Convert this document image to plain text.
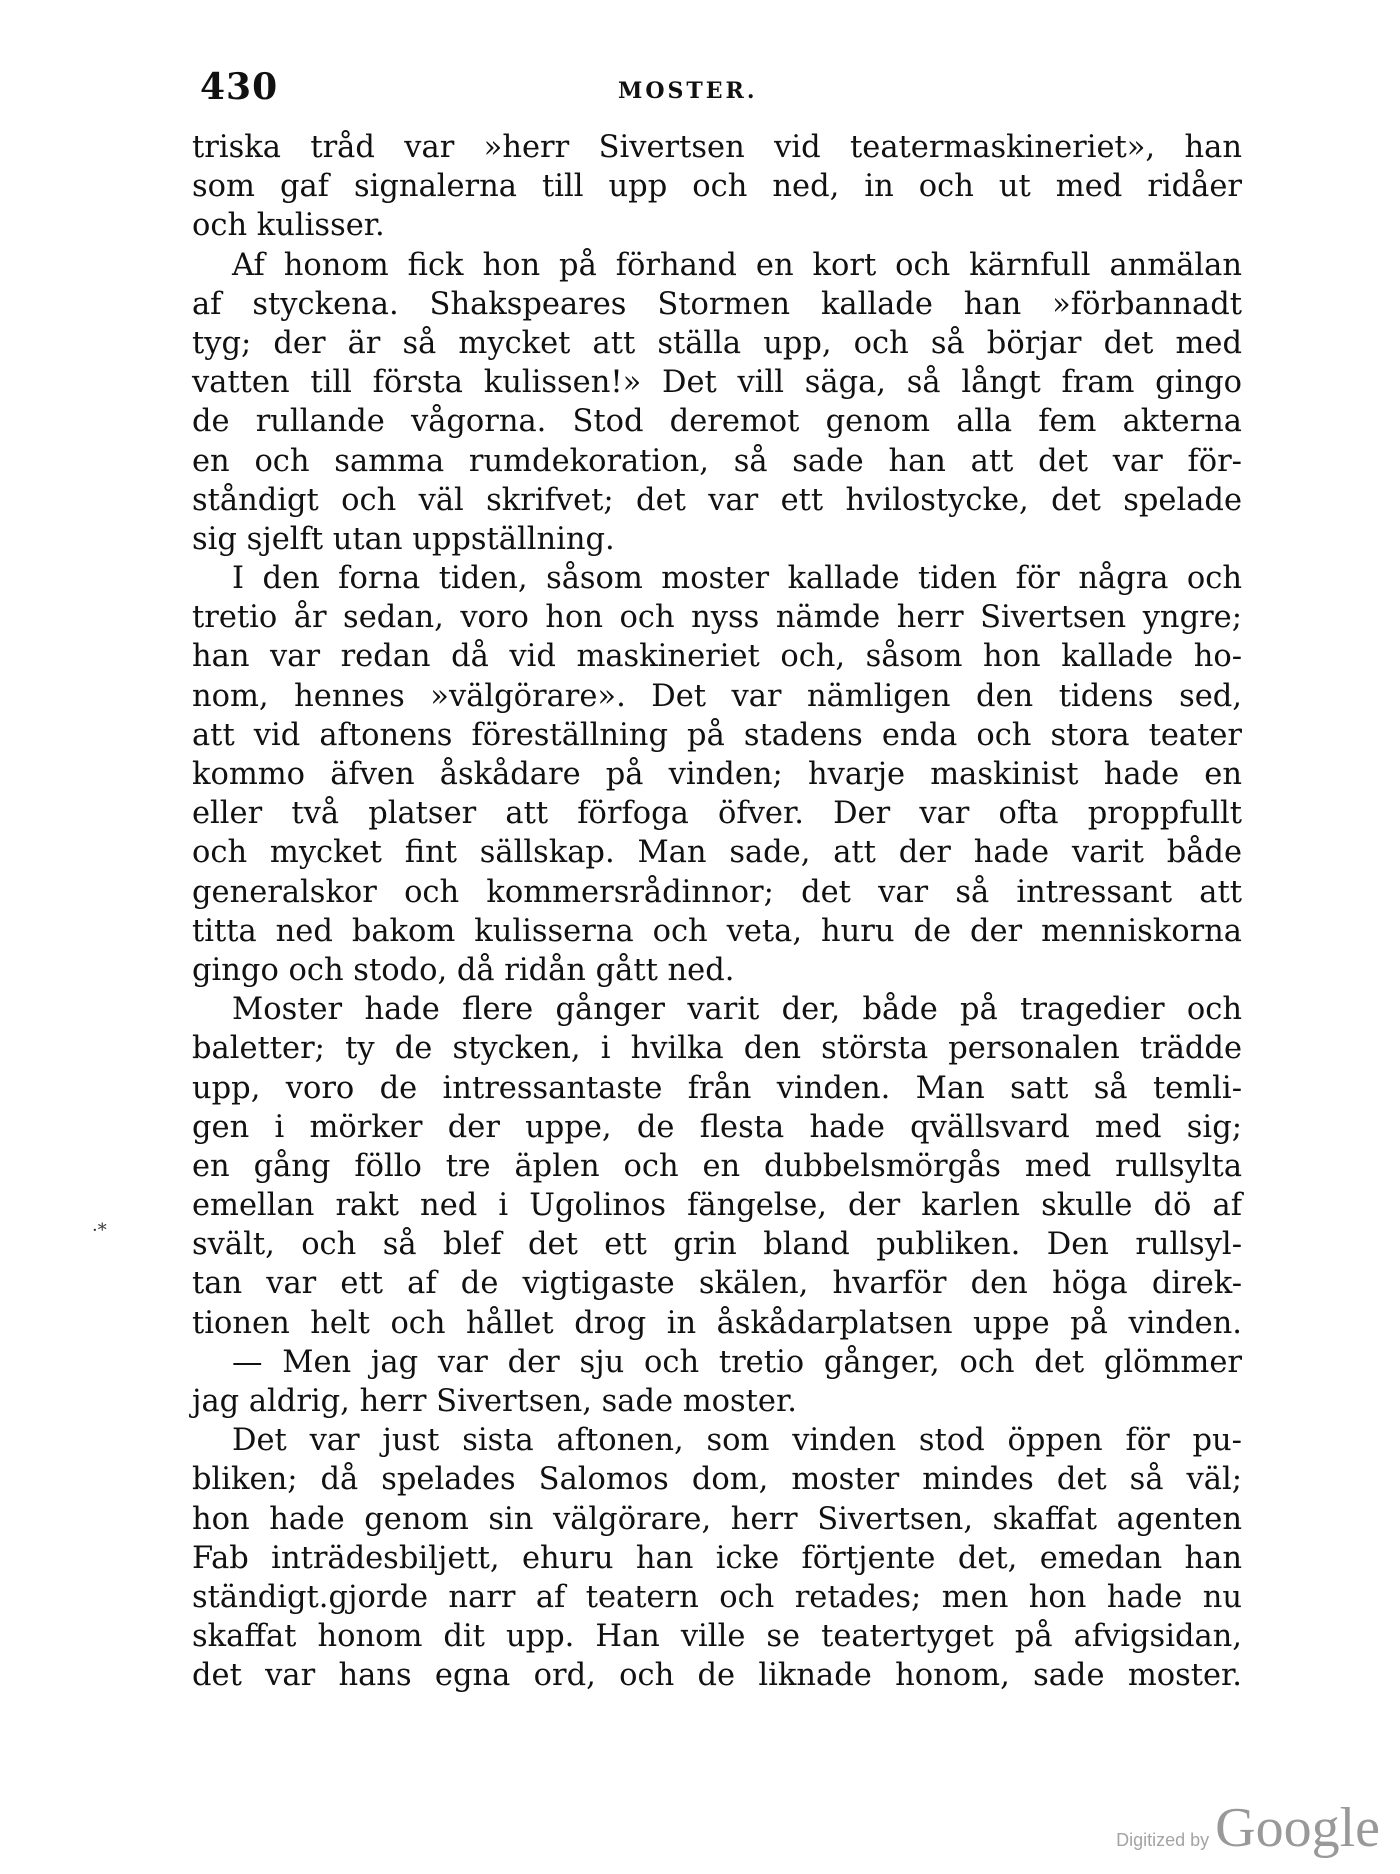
430	MOSTER.
·*
triska tråd var »herr Sivertsen vid teatermaskineriet», han
som gaf signalerna till upp och ned, in och ut med ridåer
och kulisser.
Af honom fick hon på förhand en kort och kärnfull anmälan
af styckena. Shakspeares Stormen kallade han »förbannadt
tyg; der är så mycket att ställa upp, och så börjar det med
vatten till första kulissen!» Det vill säga, så långt fram gingo
de rullande vågorna. Stod deremot genom alla fem akterna
en och samma rumdekoration, så sade han att det var för-
ståndigt och väl skrifvet; det var ett hvilostycke, det spelade
sig sjelft utan uppställning.
I den forna tiden, såsom moster kallade tiden för några och
tretio år sedan, voro hon och nyss nämde herr Sivertsen yngre;
han var redan då vid maskineriet och, såsom hon kallade ho-
nom, hennes »välgörare». Det var nämligen den tidens sed,
att vid aftonens föreställning på stadens enda och stora teater
kommo äfven åskådare på vinden; hvarje maskinist hade en
eller två platser att förfoga öfver. Der var ofta proppfullt
och mycket fint sällskap. Man sade, att der hade varit både
generalskor och kommersrådinnor; det var så intressant att
titta ned bakom kulisserna och veta, huru de der menniskorna
gingo och stodo, då ridån gått ned.
Moster hade flere gånger varit der, både på tragedier och
baletter; ty de stycken, i hvilka den största personalen trädde
upp, voro de intressantaste från vinden. Man satt så temli-
gen i mörker der uppe, de flesta hade qvällsvard med sig;
en gång föllo tre äplen och en dubbelsmörgås med rullsylta
emellan rakt ned i Ugolinos fängelse, der karlen skulle dö af
svält, och så blef det ett grin bland publiken. Den rullsyl-
tan var ett af de vigtigaste skälen, hvarför den höga direk-
tionen helt och hållet drog in åskådarplatsen uppe på vinden.
— Men jag var der sju och tretio gånger, och det glömmer
jag aldrig, herr Sivertsen, sade moster.
Det var just sista aftonen, som vinden stod öppen för pu-
bliken; då spelades Salomos dom, moster mindes det så väl;
hon hade genom sin välgörare, herr Sivertsen, skaffat agenten
Fab inträdesbiljett, ehuru han icke förtjente det, emedan han
ständigt.gjorde narr af teatern och retades; men hon hade nu
skaffat honom dit upp. Han ville se teatertyget på afvigsidan,
det var hans egna ord, och de liknade honom, sade moster.
Digitized by Google
